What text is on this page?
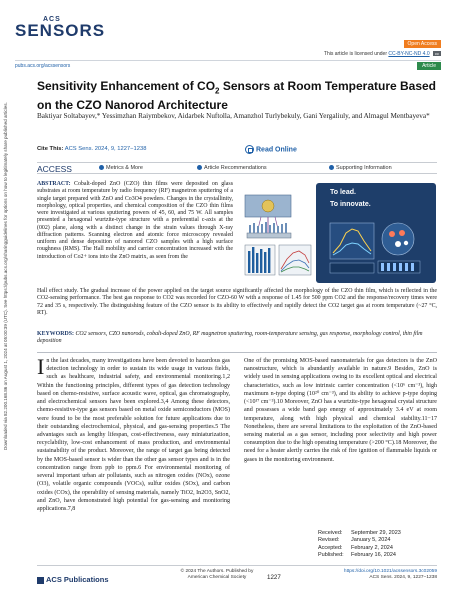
Downloaded via 82.200.168.86 on August 1, 2024 at 05:00:39 (UTC). See https://pubs.acs.org/sharingguidelines for options on how to legitimately share published articles.
ACS
SENSORS
Open Access
This article is licensed under CC-BY-NC-ND 4.0 cc
pubs.acs.org/acssensors	Article
Sensitivity Enhancement of $CO_2$ Sensors at Room Temperature Based on the CZO Nanorod Architecture
Baktiyar Soltabayev,* Yessimzhan Raiymbekov, Aidarbek Nuftolla, Amanzhol Turlybekuly, Gani Yergaliuly, and Almagul Mentbayeva*
Cite This: ACS Sens. 2024, 9, 1227−1238	Read Online
ACCESS	Metrics & More	Article Recommendations	Supporting Information

ABSTRACT: Cobalt-doped ZnO (CZO) thin films were deposited on glass substrates at room temperature by radio frequency (RF) magnetron sputtering of a single target prepared with ZnO and Co3O4 powders. Changes in the crystallinity, morphology, optical properties, and chemical composition of the CZO thin films were investigated at various sputtering powers of 45, 60, and 75 W. All samples presented a hexagonal wurtzite-type structure with a preferential c-axis at the (002) plane, along with a distinct change in the strain values through X-ray diffraction patterns. Scanning electron and atomic force microscopy revealed uniform and dense deposition of nanorod CZO samples with a high surface roughness (RMS). The Hall mobility and carrier concentration increased with the introduction of Co2+ ions into the ZnO matrix, as seen from the

To lead.
To innovate.

Hall effect study. The gradual increase of the power applied on the target source significantly affected the morphology of the CZO thin film, which is reflected in the CO2-sensing performance. The best gas response to CO2 was recorded for CZO-60 W with a response of 1.45 for 500 ppm CO2 and the response/recovery times were 72 and 35 s, respectively. The distinguishing feature of the CZO sensor is its ability to effectively and rapidly detect the CO2 target gas at room temperature (~27 °C, RT).

KEYWORDS: CO2 sensors, CZO nanorods, cobalt-doped ZnO, RF magnetron sputtering, room-temperature sensing, gas response, morphology control, thin film deposition

In the last decades, many investigations have been devoted to hazardous gas detection technology in order to sustain its wide usage in various fields, such as healthcare, industrial safety, and environmental monitoring.1,2 Within the functioning principles, different types of gas detection technology based on chemo-resistive, surface acoustic wave, optical, gas chromatography, and electrochemical sensors have been explored.3,4 Among these detectors, chemo-resistive-type gas sensors based on metal oxide semiconductors (MOS) were found to be the most preferable solution for future applications due to their outstanding electrochemical, physical, and gas-sensing properties.5 The advantages such as lengthy lifespan, cost-effectiveness, easy miniaturization, recyclability, low-cost enhancement of mass production, and environmental sustainability of the product. Moreover, the range of target gas being detected by the MOS-based sensor is wider than the other gas sensor types and is in the concentration range from ppb to ppm.6 For environmental monitoring of several important urban air pollutants, such as nitrogen oxides (NOx), ozone (O3), volatile organic compounds (VOCs), sulfur oxides (SOx), and carbon oxides (COx), the operability of sensing materials, namely TiO2, In2O3, SnO2, and ZnO, have demonstrated high potential for gas-sensing and monitoring applications.7,8
One of the promising MOS-based nanomaterials for gas detectors is the ZnO nanostructure, which is abundantly available in nature.9 Besides, ZnO is widely used in sensing applications owing to its excellent optical and electrical characteristics, such as low intrinsic carrier concentration (<10⁶ cm⁻³), high maximum n-type doping (10²⁰ cm⁻³), and its ability to achieve p-type doping (<10¹⁷ cm⁻³).10 Moreover, ZnO has a wurtzite-type hexagonal crystal structure and possesses a wide band gap energy of approximately 3.4 eV at room temperature, along with high physical and chemical stability.11−17 Nonetheless, there are several limitations to the exploitation of the ZnO-based sensing material as a gas sensor, including poor selectivity and high power consumption due to the high operating temperature (>200 °C).18 Moreover, the need for a heater alertly carries the risk of fire ignition of flammable liquids or gases in the monitoring environment.
Received: September 29, 2023
Revised: January 5, 2024
Accepted: February 2, 2024
Published: February 16, 2024
ACS Publications
© 2024 The Authors. Published by
American Chemical Society	1227
https://doi.org/10.1021/acssensors.3c02059
ACS Sens. 2024, 9, 1227−1238
